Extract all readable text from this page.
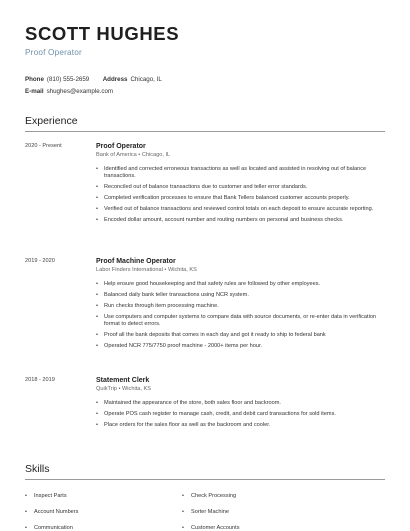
SCOTT HUGHES
Proof Operator
Phone (810) 555-2659 Address Chicago, IL
E-mail shughes@example.com
Experience
2020 - Present	Proof Operator
Bank of America • Chicago, IL
• Identified and corrected erroneous transactions as well as located and assisted in resolving out of balance transactions.
• Reconciled out of balance transactions due to customer and teller error standards.
• Completed verification processes to ensure that Bank Tellers balanced customer accounts properly.
• Verified out of balance transactions and reviewed control totals on each deposit to ensure accurate reporting.
• Encoded dollar amount, account number and routing numbers on personal and business checks.
2019 - 2020	Proof Machine Operator
Labor Finders International • Wichita, KS
• Help ensure good housekeeping and that safety rules are followed by other employees.
• Balanced daily bank teller transactions using NCR system.
• Run checks through item processing machine.
• Use computers and computer systems to compare data with source documents, or re-enter data in verification format to detect errors.
• Proof all the bank deposits that comes in each day and got it ready to ship to federal bank
• Operated NCR 775/7750 proof machine - 2000+ items per hour.
2018 - 2019	Statement Clerk
QuikTrip • Wichita, KS
• Maintained the appearance of the store, both sales floor and backroom.
• Operate POS cash register to manage cash, credit, and debit card transactions for sold items.
• Place orders for the sales floor as well as the backroom and cooler.
Skills
• Inspect Parts	• Check Processing
• Account Numbers	• Sorter Machine
• Communication	• Customer Accounts
